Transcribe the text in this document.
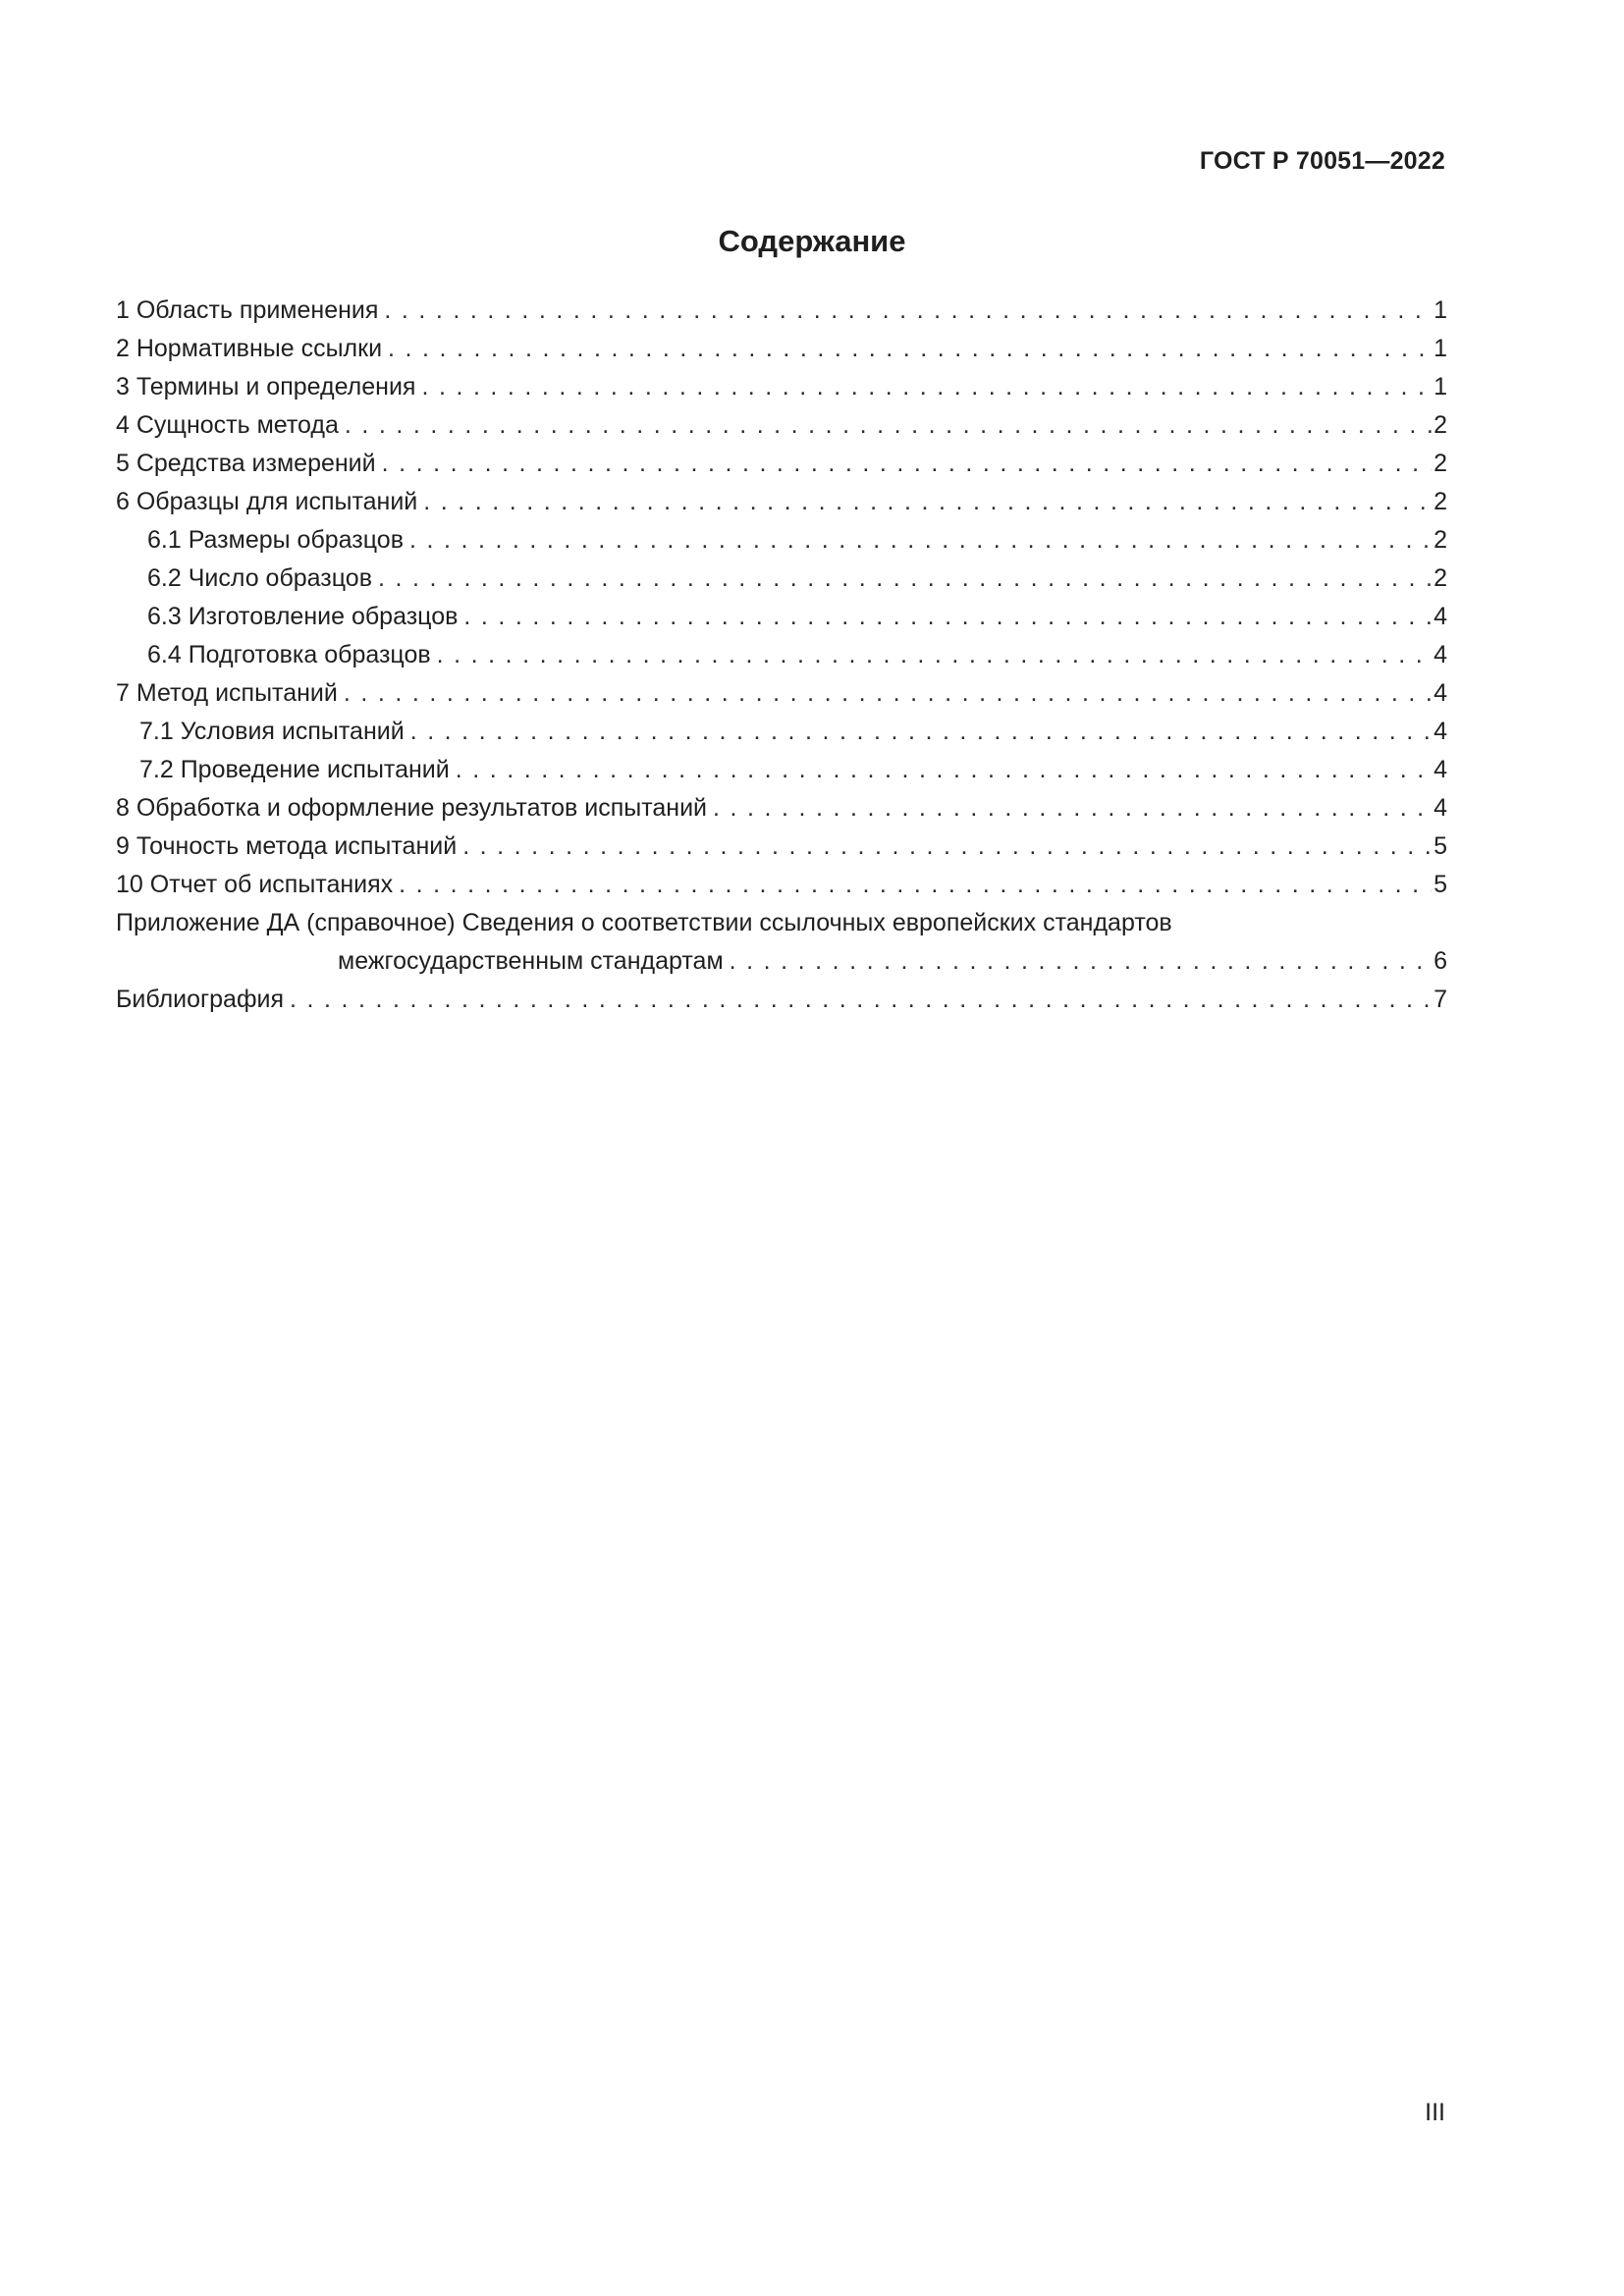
ГОСТ Р 70051—2022
Содержание
1 Область применения . . .	1
2 Нормативные ссылки . . .	1
3 Термины и определения . . .	1
4 Сущность метода . . .	2
5 Средства измерений . . .	2
6 Образцы для испытаний . . .	2
6.1 Размеры образцов . . .	2
6.2 Число образцов . . .	2
6.3 Изготовление образцов . . .	4
6.4 Подготовка образцов . . .	4
7 Метод испытаний . . .	4
7.1 Условия испытаний . . .	4
7.2 Проведение испытаний . . .	4
8 Обработка и оформление результатов испытаний . . .	4
9 Точность метода испытаний . . .	5
10 Отчет об испытаниях . . .	5
Приложение ДА (справочное) Сведения о соответствии ссылочных европейских стандартов
межгосударственным стандартам . . .	6
Библиография . . .	7
III
